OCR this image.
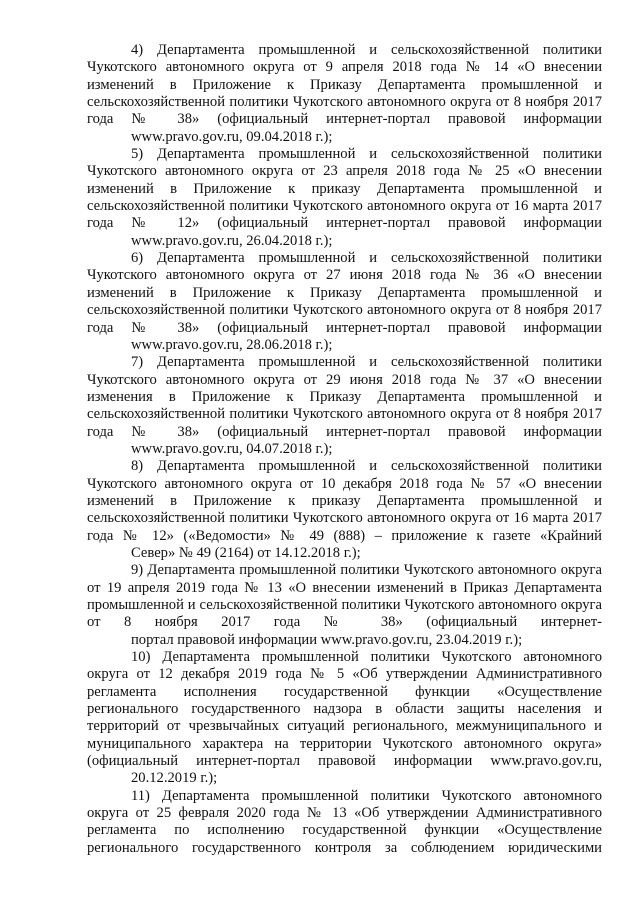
4) Департамента промышленной и сельскохозяйственной политики Чукотского автономного округа от 9 апреля 2018 года № 14 «О внесении изменений в Приложение к Приказу Департамента промышленной и сельскохозяйственной политики Чукотского автономного округа от 8 ноября 2017 года № 38» (официальный интернет-портал правовой информации
www.pravo.gov.ru, 09.04.2018 г.);

5) Департамента промышленной и сельскохозяйственной политики Чукотского автономного округа от 23 апреля 2018 года № 25 «О внесении изменений в Приложение к приказу Департамента промышленной и сельскохозяйственной политики Чукотского автономного округа от 16 марта 2017 года № 12» (официальный интернет-портал правовой информации
www.pravo.gov.ru, 26.04.2018 г.);

6) Департамента промышленной и сельскохозяйственной политики Чукотского автономного округа от 27 июня 2018 года № 36 «О внесении изменений в Приложение к Приказу Департамента промышленной и сельскохозяйственной политики Чукотского автономного округа от 8 ноября 2017 года № 38» (официальный интернет-портал правовой информации
www.pravo.gov.ru, 28.06.2018 г.);

7) Департамента промышленной и сельскохозяйственной политики Чукотского автономного округа от 29 июня 2018 года № 37 «О внесении изменения в Приложение к Приказу Департамента промышленной и сельскохозяйственной политики Чукотского автономного округа от 8 ноября 2017 года № 38» (официальный интернет-портал правовой информации
www.pravo.gov.ru, 04.07.2018 г.);

8) Департамента промышленной и сельскохозяйственной политики Чукотского автономного округа от 10 декабря 2018 года № 57 «О внесении изменений в Приложение к приказу Департамента промышленной и сельскохозяйственной политики Чукотского автономного округа от 16 марта 2017 года № 12» («Ведомости» № 49 (888) – приложение к газете «Крайний
Север» № 49 (2164) от 14.12.2018 г.);

9) Департамента промышленной политики Чукотского автономного округа от 19 апреля 2019 года № 13 «О внесении изменений в Приказ Департамента промышленной и сельскохозяйственной политики Чукотского автономного округа от 8 ноября 2017 года № 38» (официальный интернет-
портал правовой информации www.pravo.gov.ru, 23.04.2019 г.);

10) Департамента промышленной политики Чукотского автономного округа от 12 декабря 2019 года № 5 «Об утверждении Административного регламента исполнения государственной функции «Осуществление регионального государственного надзора в области защиты населения и территорий от чрезвычайных ситуаций регионального, межмуниципального и муниципального характера на территории Чукотского автономного округа» (официальный интернет-портал правовой информации www.pravo.gov.ru,
20.12.2019 г.);

11) Департамента промышленной политики Чукотского автономного округа от 25 февраля 2020 года № 13 «Об утверждении Административного регламента по исполнению государственной функции «Осуществление регионального государственного контроля за соблюдением юридическими
